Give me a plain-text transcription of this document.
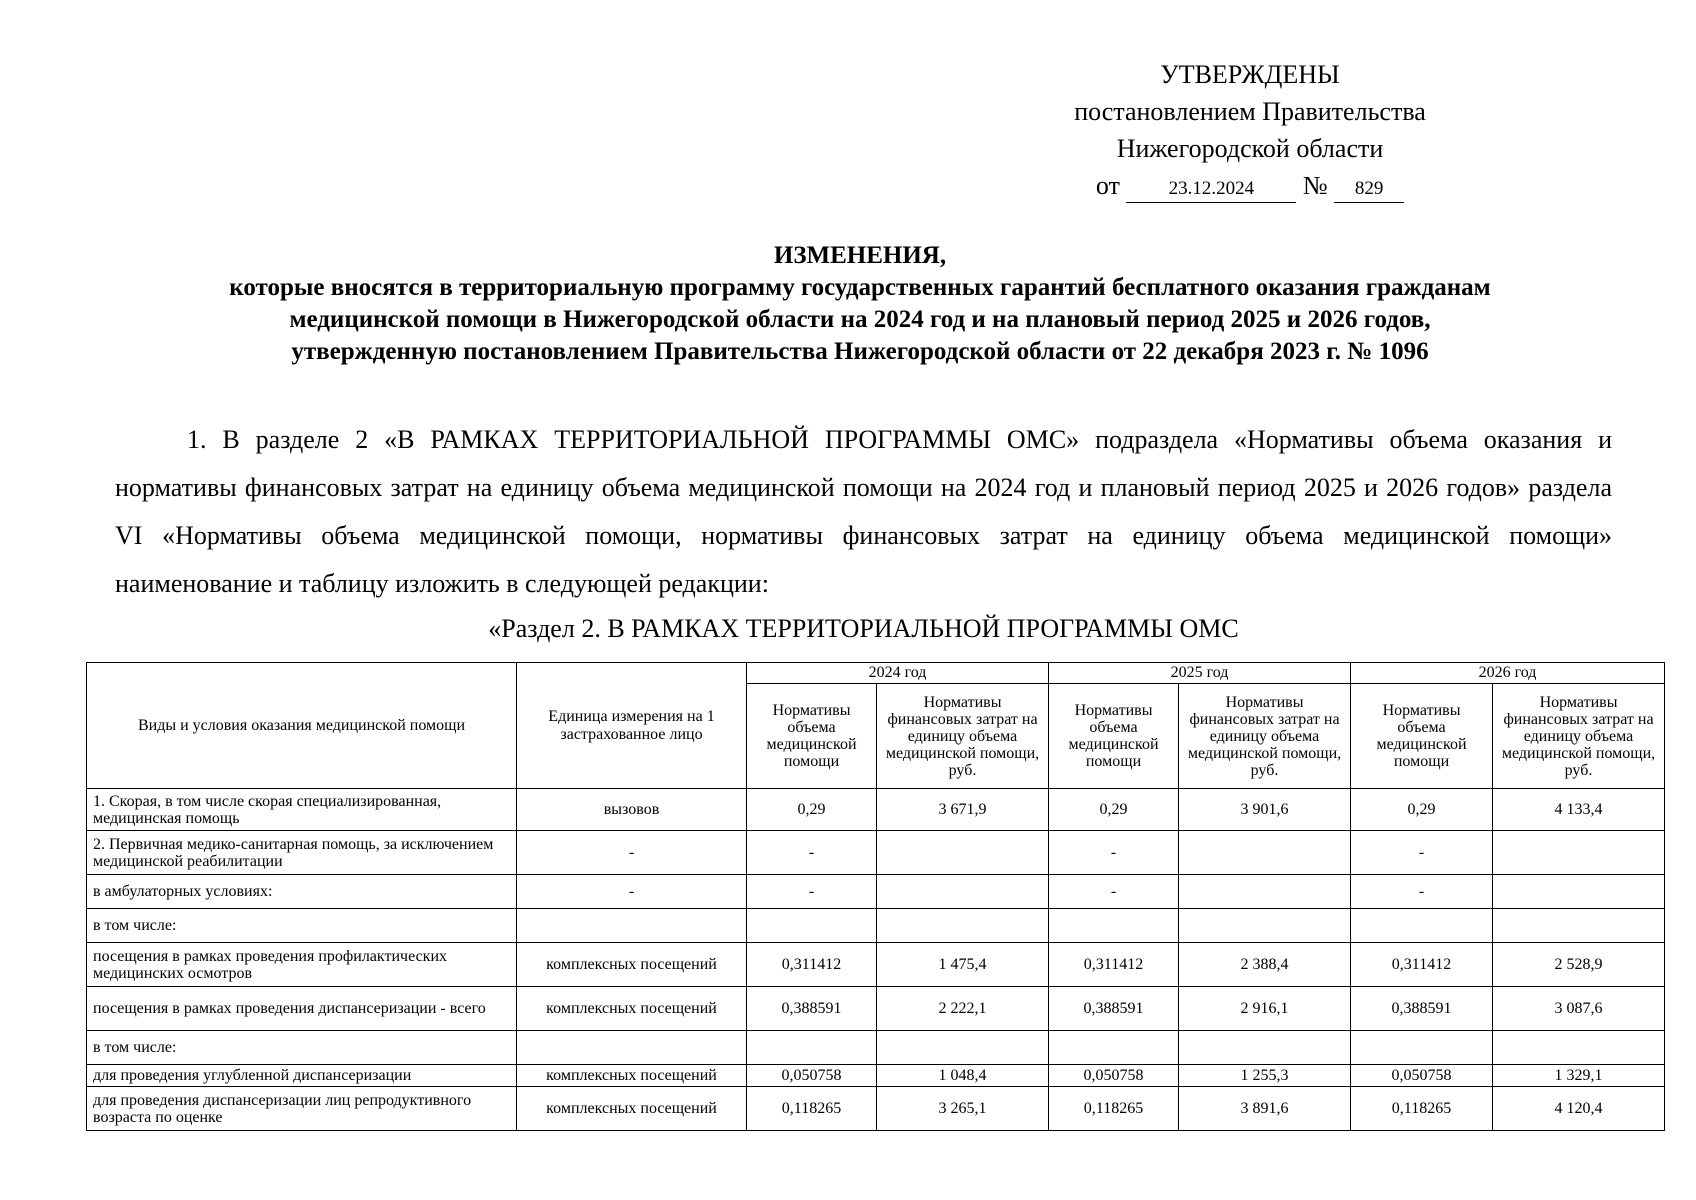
УТВЕРЖДЕНЫ
постановлением Правительства
Нижегородской области
от	23.12.2024 № 829
ИЗМЕНЕНИЯ,
которые вносятся в территориальную программу государственных гарантий бесплатного оказания гражданам
медицинской помощи в Нижегородской области на 2024 год и на плановый период 2025 и 2026 годов,
утвержденную постановлением Правительства Нижегородской области от 22 декабря 2023 г. № 1096

1. В разделе 2 «В РАМКАХ ТЕРРИТОРИАЛЬНОЙ ПРОГРАММЫ ОМС» подраздела «Нормативы объема оказания и нормативы финансовых затрат на единицу объема медицинской помощи на 2024 год и плановый период 2025 и 2026 годов» раздела VI «Нормативы объема медицинской помощи, нормативы финансовых затрат на единицу объема медицинской помощи» наименование и таблицу изложить в следующей редакции:

«Раздел 2. В РАМКАХ ТЕРРИТОРИАЛЬНОЙ ПРОГРАММЫ ОМС
Виды и условия оказания медицинской помощи	Единица измерения на 1 застрахованное лицо	2024 год		2025 год		2026 год	
		Нормативы объема медицинской помощи	Нормативы финансовых затрат на единицу объема медицинской помощи, руб.	Нормативы объема медицинской помощи	Нормативы финансовых затрат на единицу объема медицинской помощи, руб.	Нормативы объема медицинской помощи	Нормативы финансовых затрат на единицу объема медицинской помощи, руб.
1. Скорая, в том числе скорая специализированная, медицинская помощь	вызовов	0,29	3 671,9	0,29	3 901,6	0,29	4 133,4
2. Первичная медико-санитарная помощь, за исключением медицинской реабилитации	-	-		-		-	
в амбулаторных условиях:	-	-		-		-	
в том числе:							
посещения в рамках проведения профилактических медицинских осмотров	комплексных посещений	0,311412	1 475,4	0,311412	2 388,4	0,311412	2 528,9
посещения в рамках проведения диспансеризации - всего	комплексных посещений	0,388591	2 222,1	0,388591	2 916,1	0,388591	3 087,6
в том числе:							
для проведения углубленной диспансеризации	комплексных посещений	0,050758	1 048,4	0,050758	1 255,3	0,050758	1 329,1
для проведения диспансеризации лиц репродуктивного возраста по оценке	комплексных посещений	0,118265	3 265,1	0,118265	3 891,6	0,118265	4 120,4
